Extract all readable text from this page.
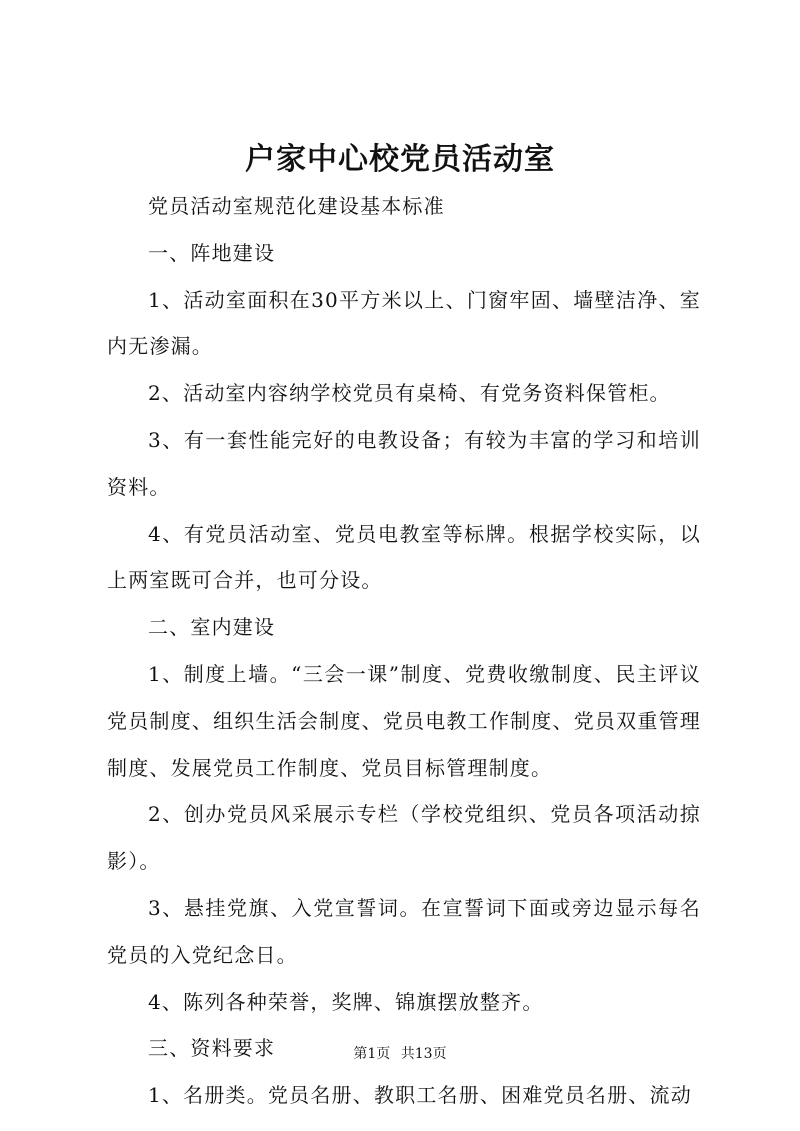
户家中心校党员活动室

党员活动室规范化建设基本标准

一、阵地建设

1、活动室面积在30平方米以上、门窗牢固、墙壁洁净、室内无渗漏。

2、活动室内容纳学校党员有桌椅、有党务资料保管柜。

3、有一套性能完好的电教设备；有较为丰富的学习和培训资料。

4、有党员活动室、党员电教室等标牌。根据学校实际，以上两室既可合并，也可分设。

二、室内建设

1、制度上墙。“三会一课”制度、党费收缴制度、民主评议党员制度、组织生活会制度、党员电教工作制度、党员双重管理制度、发展党员工作制度、党员目标管理制度。

2、创办党员风采展示专栏（学校党组织、党员各项活动掠影）。

3、悬挂党旗、入党宣誓词。在宣誓词下面或旁边显示每名党员的入党纪念日。

4、陈列各种荣誉，奖牌、锦旗摆放整齐。

三、资料要求

1、名册类。党员名册、教职工名册、困难党员名册、流动

第1页 共13页
